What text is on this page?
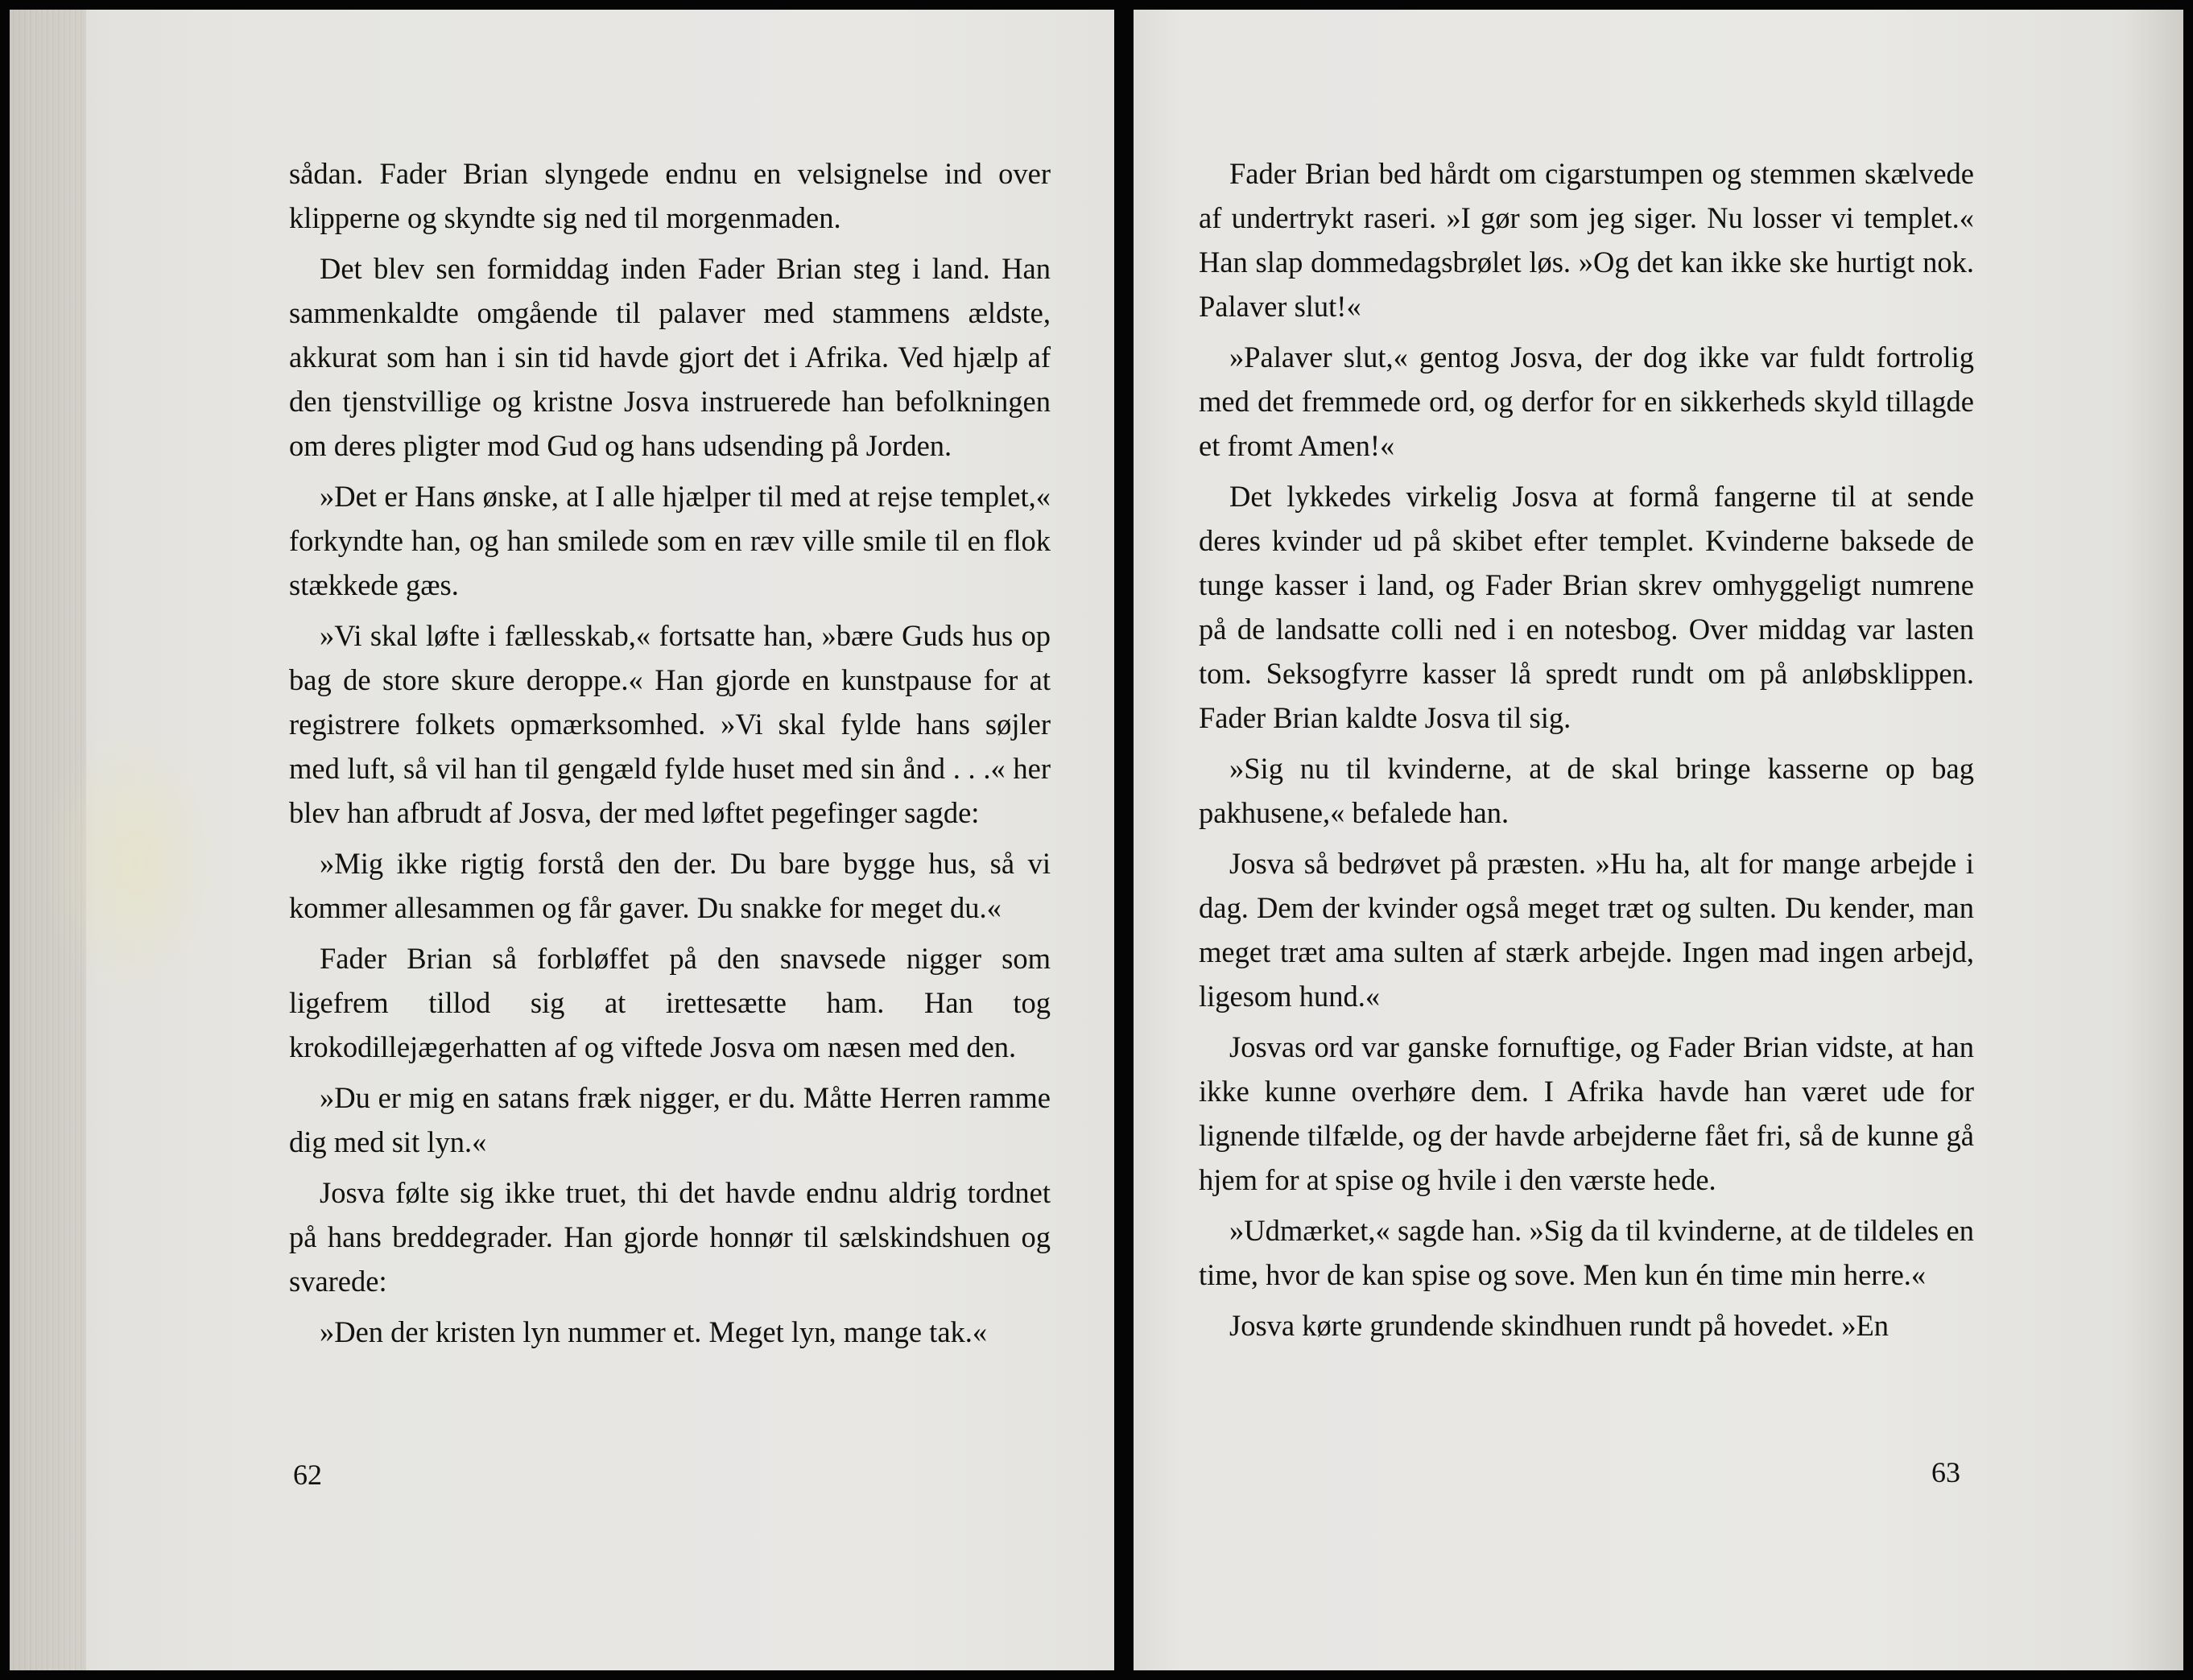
sådan. Fader Brian slyngede endnu en velsignelse ind over klipperne og skyndte sig ned til morgenmaden.

Det blev sen formiddag inden Fader Brian steg i land. Han sammenkaldte omgående til palaver med stammens ældste, akkurat som han i sin tid havde gjort det i Afrika. Ved hjælp af den tjenstvillige og kristne Josva instruerede han befolkningen om deres pligter mod Gud og hans udsending på Jorden.

»Det er Hans ønske, at I alle hjælper til med at rejse templet,« forkyndte han, og han smilede som en ræv ville smile til en flok stækkede gæs.

»Vi skal løfte i fællesskab,« fortsatte han, »bære Guds hus op bag de store skure deroppe.« Han gjorde en kunstpause for at registrere folkets opmærksomhed. »Vi skal fylde hans søjler med luft, så vil han til gengæld fylde huset med sin ånd . . .« her blev han afbrudt af Josva, der med løftet pegefinger sagde:

»Mig ikke rigtig forstå den der. Du bare bygge hus, så vi kommer allesammen og får gaver. Du snakke for meget du.«

Fader Brian så forbløffet på den snavsede nigger som ligefrem tillod sig at irettesætte ham. Han tog krokodillejægerhatten af og viftede Josva om næsen med den.

»Du er mig en satans fræk nigger, er du. Måtte Herren ramme dig med sit lyn.«

Josva følte sig ikke truet, thi det havde endnu aldrig tordnet på hans breddegrader. Han gjorde honnør til sælskindshuen og svarede:

»Den der kristen lyn nummer et. Meget lyn, mange tak.«

62

Fader Brian bed hårdt om cigarstumpen og stemmen skælvede af undertrykt raseri. »I gør som jeg siger. Nu losser vi templet.« Han slap dommedagsbrølet løs. »Og det kan ikke ske hurtigt nok. Palaver slut!«

»Palaver slut,« gentog Josva, der dog ikke var fuldt fortrolig med det fremmede ord, og derfor for en sikkerheds skyld tillagde et fromt Amen!«

Det lykkedes virkelig Josva at formå fangerne til at sende deres kvinder ud på skibet efter templet. Kvinderne baksede de tunge kasser i land, og Fader Brian skrev omhyggeligt numrene på de landsatte colli ned i en notesbog. Over middag var lasten tom. Seksogfyrre kasser lå spredt rundt om på anløbsklippen. Fader Brian kaldte Josva til sig.

»Sig nu til kvinderne, at de skal bringe kasserne op bag pakhusene,« befalede han.

Josva så bedrøvet på præsten. »Hu ha, alt for mange arbejde i dag. Dem der kvinder også meget træt og sulten. Du kender, man meget træt ama sulten af stærk arbejde. Ingen mad ingen arbejd, ligesom hund.«

Josvas ord var ganske fornuftige, og Fader Brian vidste, at han ikke kunne overhøre dem. I Afrika havde han været ude for lignende tilfælde, og der havde arbejderne fået fri, så de kunne gå hjem for at spise og hvile i den værste hede.

»Udmærket,« sagde han. »Sig da til kvinderne, at de tildeles en time, hvor de kan spise og sove. Men kun én time min herre.«

Josva kørte grundende skindhuen rundt på hovedet. »En

63
